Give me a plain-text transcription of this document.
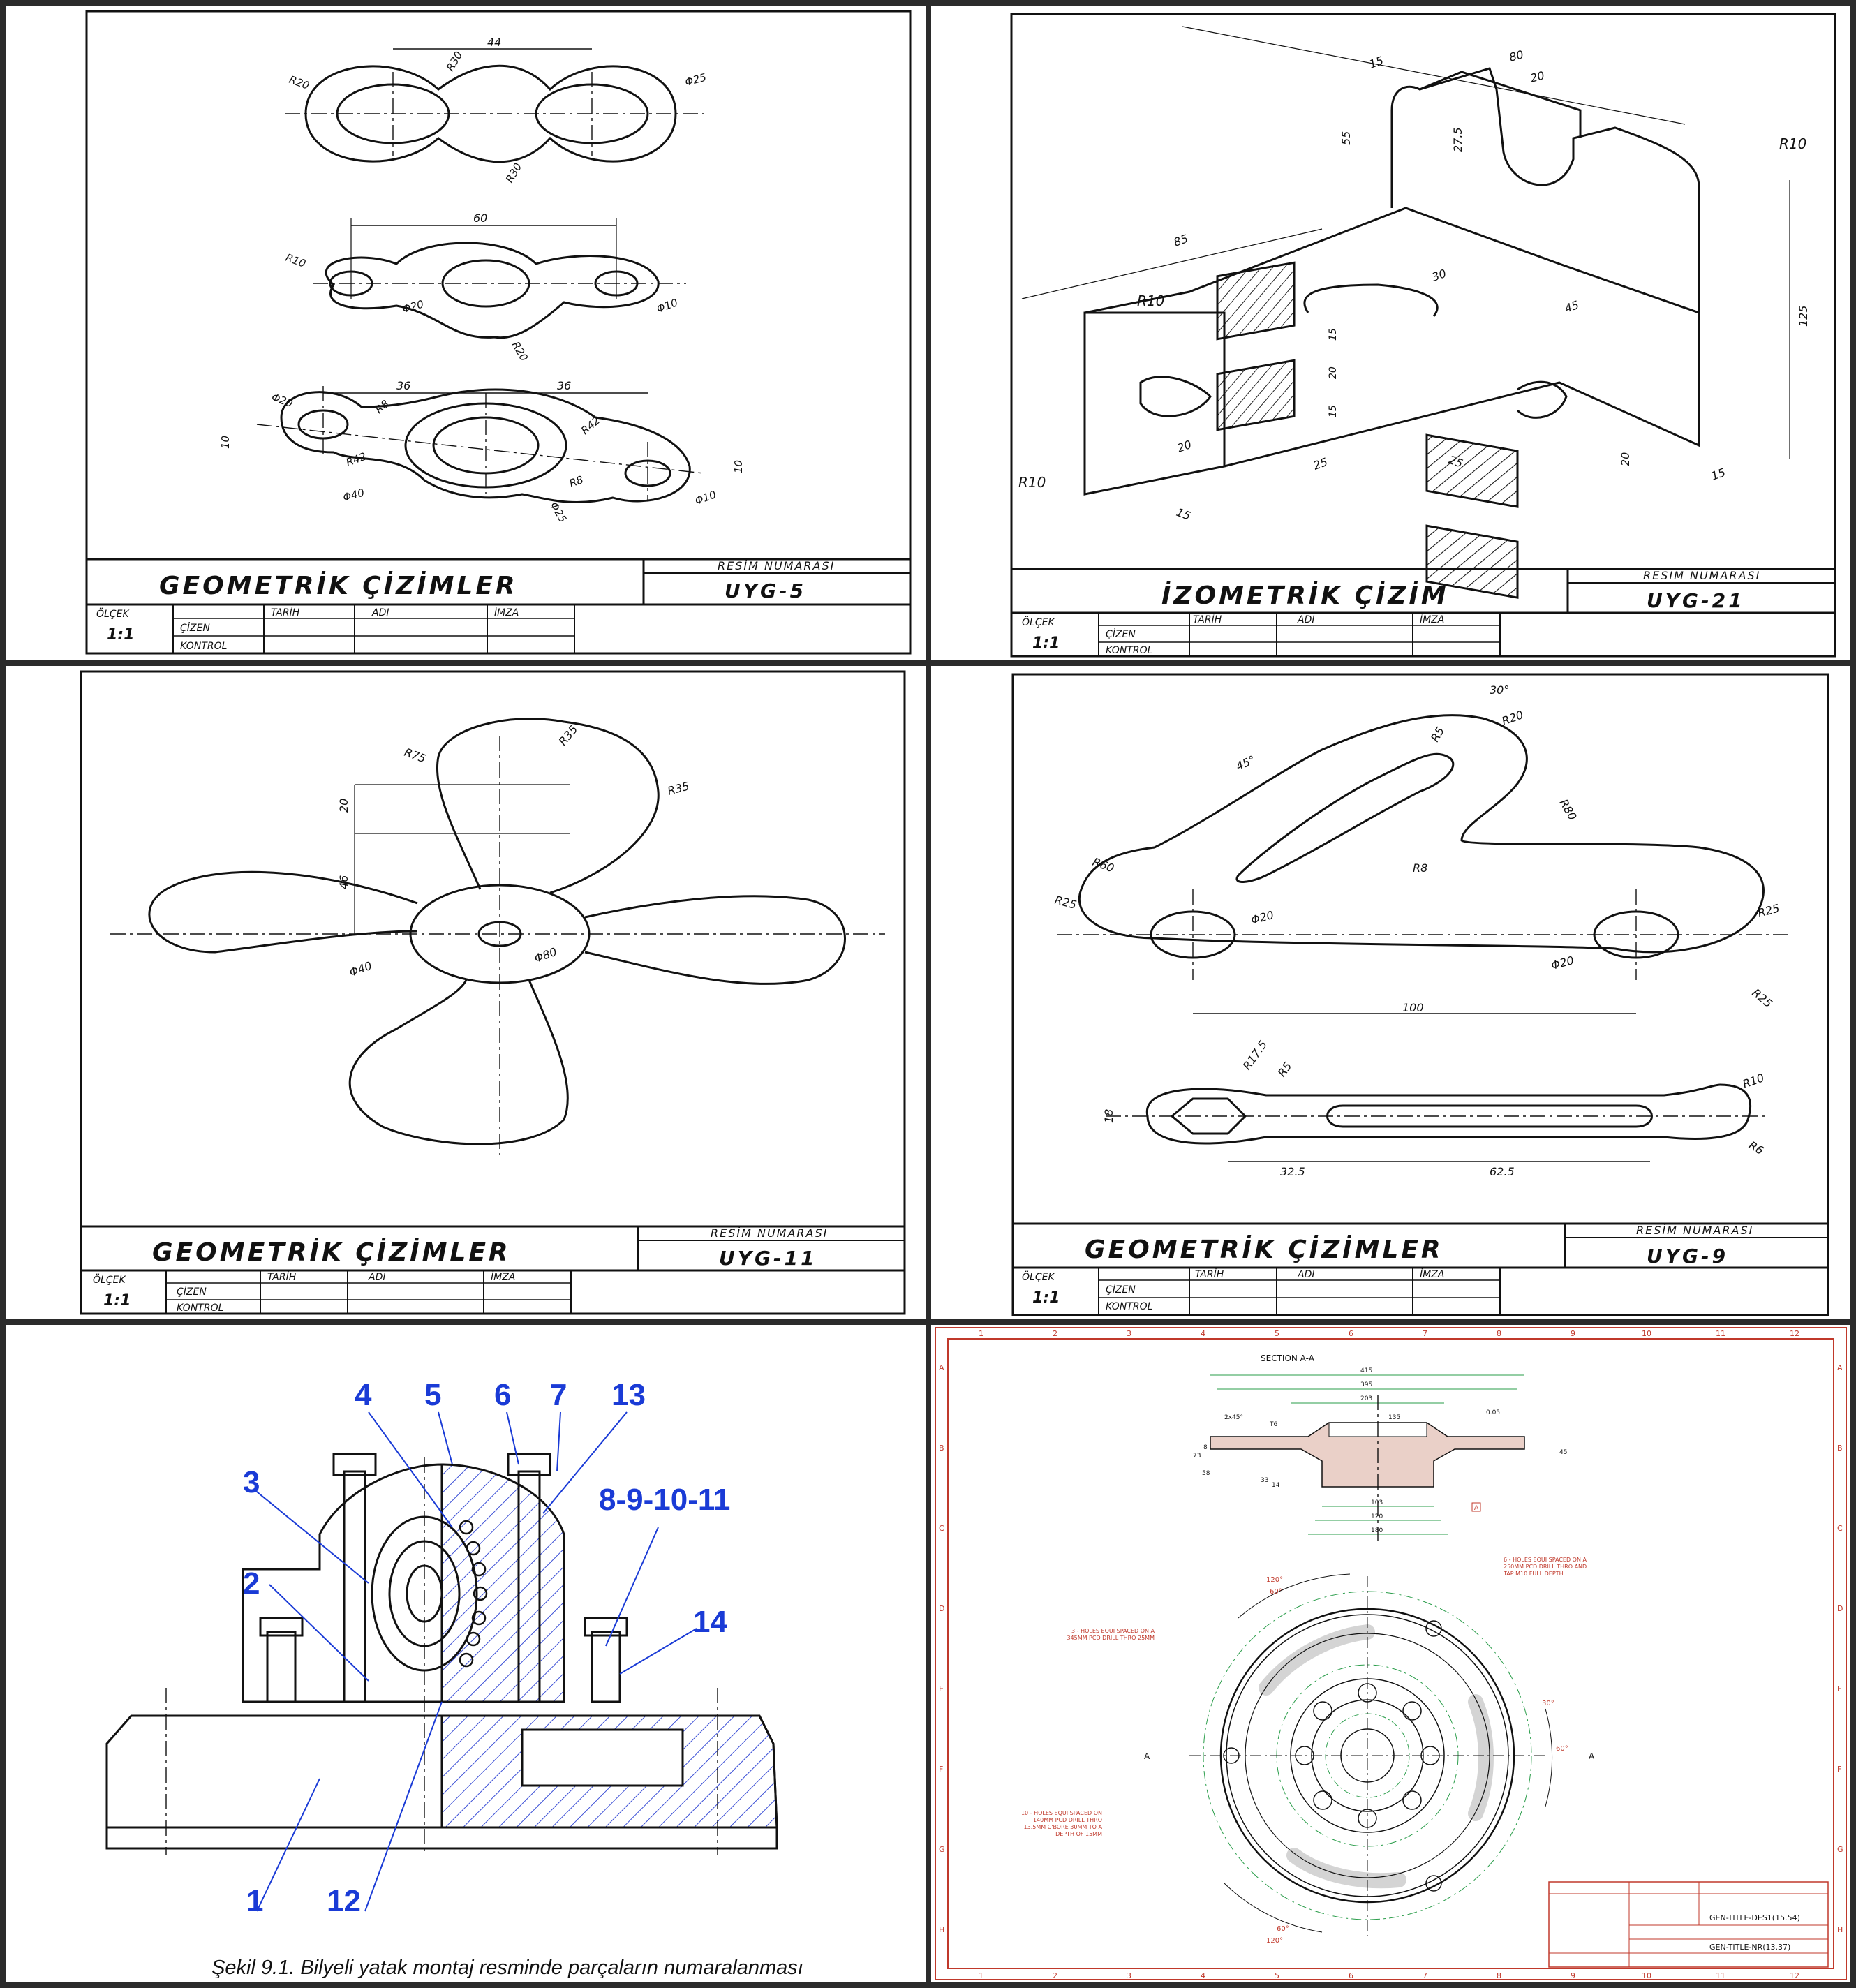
44
R20
R30
Φ25
R30
60
R10
Φ20
R20
Φ10
36	36
Φ20	R8
10
R42
R42
Φ40
Φ25
R8
Φ10
10
GEOMETRİK ÇİZİMLER
RESİM NUMARASI
UYG-5
ÖLÇEK
1:1
TARİH	ADI	İMZA
ÇİZEN
KONTROL
80
15
20
55	27.5	R10
85
R10
30
45
15
20
15
125
20
25	25	20
15
R10	15
İZOMETRİK ÇİZİM
RESİM NUMARASI
UYG-21
ÖLÇEK
1:1
TARİH	ADI	İMZA
ÇİZEN
KONTROL
R75
R35
R35
20
46
Φ40
Φ80
GEOMETRİK ÇİZİMLER
RESİM NUMARASI
UYG-11
ÖLÇEK
1:1
TARİH	ADI	İMZA
ÇİZEN
KONTROL
30°
R20
R5
45°
R80
R60	R8
R25
Φ20	R25
Φ20
R25
100
R17.5 R5
18
R10
R6
32.5	62.5
GEOMETRİK ÇİZİMLER
RESİM NUMARASI
UYG-9
ÖLÇEK
1:1
TARİH	ADI	İMZA
ÇİZEN
KONTROL
1
2
3
4 5 6 7
8-9-10-11
12
13
14
Şekil 9.1. Bilyeli yatak montaj resminde parçaların numaralanması
1	2	3	4	5	6	7	8	9	10	11	12
1	2	3	4	5	6	7	8	9	10	11	12
A
B
C
D
E
F
G
H
A
B
C
D
E
F
G
H
SECTION A-A
415
395
203
135
0.05
2x45°
T6
73
8
58
33
14
45
103
120
180
A
120°
60°
30°
60°
120°
60°
A	A
6 - HOLES EQUI SPACED ON A 250MM PCD DRILL THRO AND TAP M10 FULL DEPTH
3 - HOLES EQUI SPACED ON A 345MM PCD DRILL THRO 25MM
10 - HOLES EQUI SPACED ON 140MM PCD DRILL THRO 13.5MM C'BORE 30MM TO A DEPTH OF 15MM
GEN-TITLE-DES1(15.54)
GEN-TITLE-NR(13.37)
